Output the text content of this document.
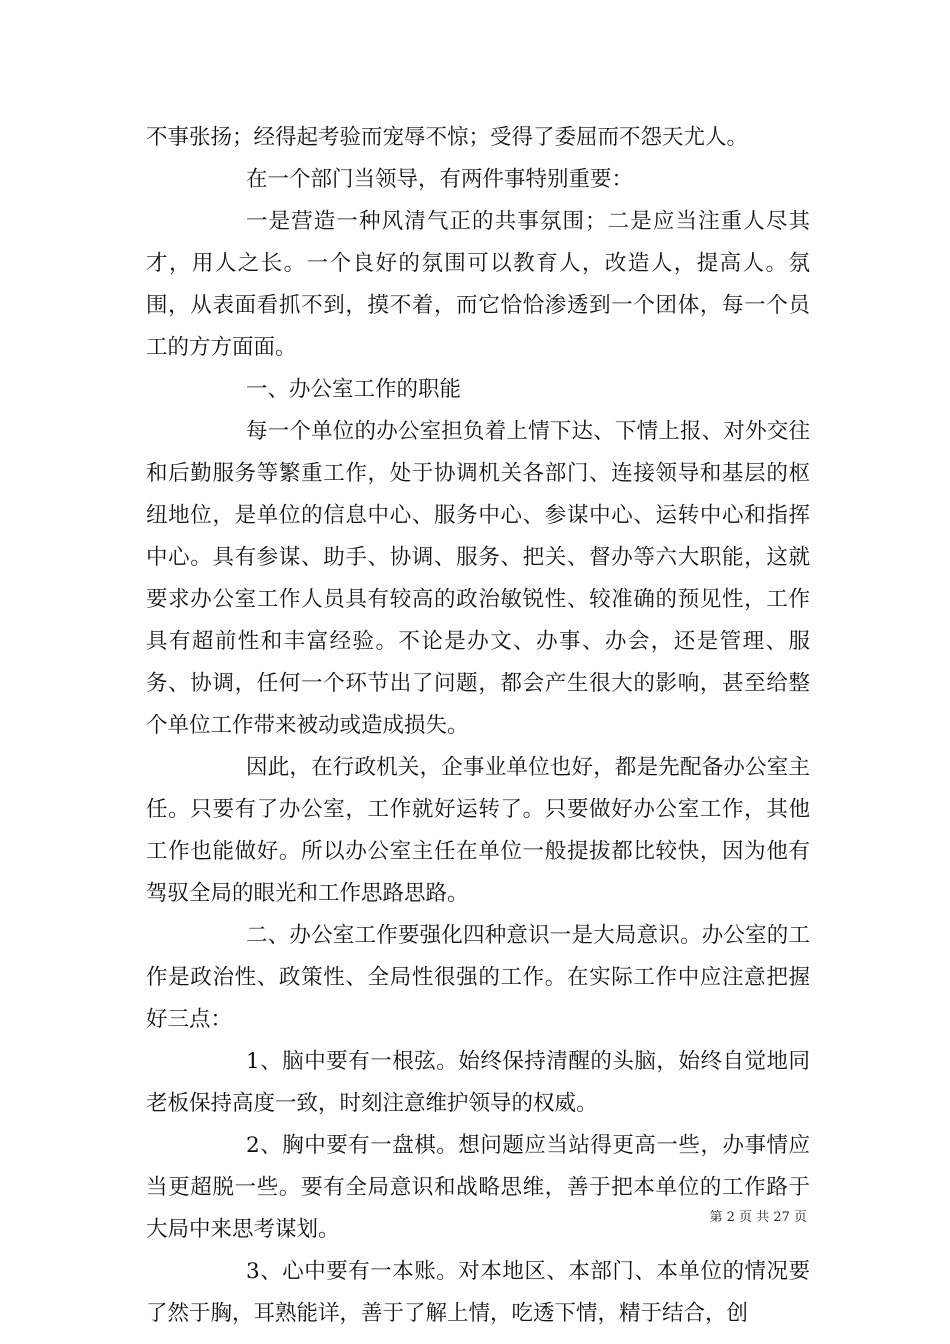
不事张扬；经得起考验而宠辱不惊；受得了委屈而不怨天尤人。

在一个部门当领导，有两件事特别重要：

一是营造一种风清气正的共事氛围；二是应当注重人尽其才，用人之长。一个良好的氛围可以教育人，改造人，提高人。氛围，从表面看抓不到，摸不着，而它恰恰渗透到一个团体，每一个员工的方方面面。

一、办公室工作的职能

每一个单位的办公室担负着上情下达、下情上报、对外交往和后勤服务等繁重工作，处于协调机关各部门、连接领导和基层的枢纽地位，是单位的信息中心、服务中心、参谋中心、运转中心和指挥中心。具有参谋、助手、协调、服务、把关、督办等六大职能，这就要求办公室工作人员具有较高的政治敏锐性、较准确的预见性，工作具有超前性和丰富经验。不论是办文、办事、办会，还是管理、服务、协调，任何一个环节出了问题，都会产生很大的影响，甚至给整个单位工作带来被动或造成损失。

因此，在行政机关，企事业单位也好，都是先配备办公室主任。只要有了办公室，工作就好运转了。只要做好办公室工作，其他工作也能做好。所以办公室主任在单位一般提拔都比较快，因为他有驾驭全局的眼光和工作思路思路。

二、办公室工作要强化四种意识一是大局意识。办公室的工作是政治性、政策性、全局性很强的工作。在实际工作中应注意把握好三点：

1、脑中要有一根弦。始终保持清醒的头脑，始终自觉地同老板保持高度一致，时刻注意维护领导的权威。

2、胸中要有一盘棋。想问题应当站得更高一些，办事情应当更超脱一些。要有全局意识和战略思维，善于把本单位的工作路于大局中来思考谋划。

3、心中要有一本账。对本地区、本部门、本单位的情况要了然于胸，耳熟能详，善于了解上情，吃透下情，精于结合，创

第 2 页 共 27 页
